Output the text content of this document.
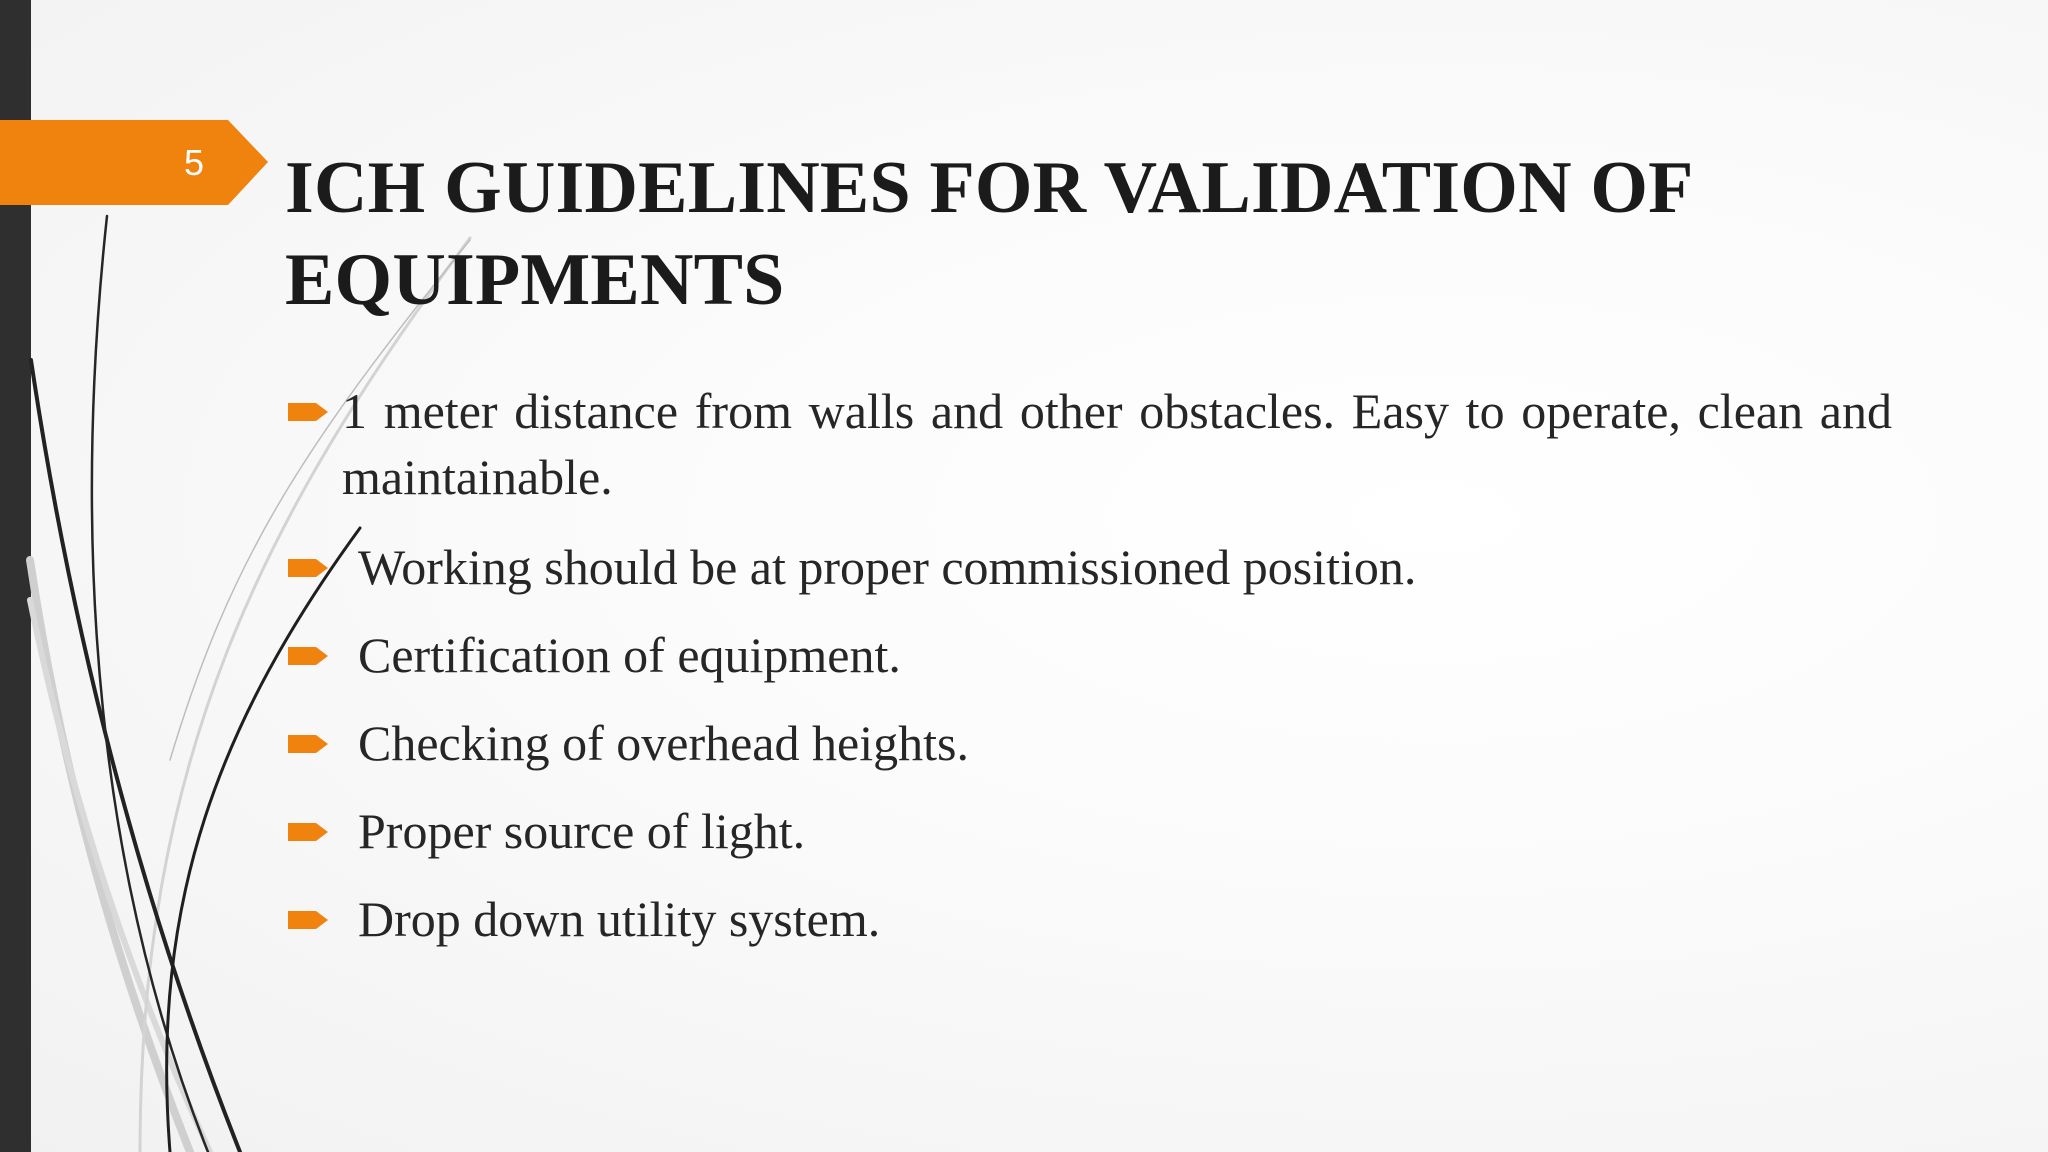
5 ICH GUIDELINES FOR VALIDATION OF EQUIPMENTS
1 meter distance from walls and other obstacles. Easy to operate, clean and maintainable.
Working should be at proper commissioned position.
Certification of equipment.
Checking of overhead heights.
Proper source of light.
Drop down utility system.
